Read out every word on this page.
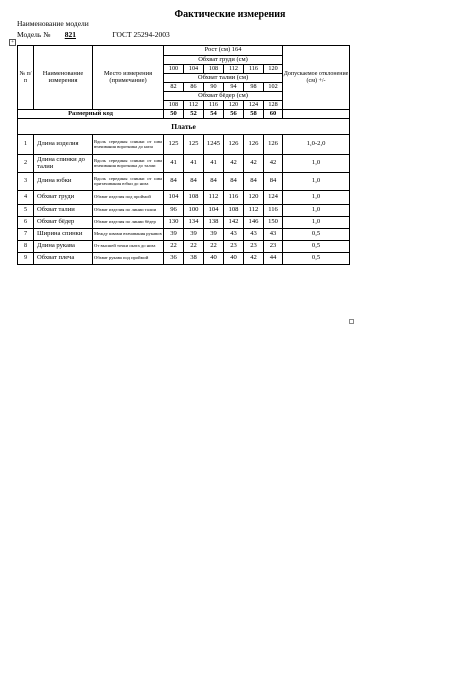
Фактические измерения
Наименование модели
Модель № 821	ГОСТ 25294-2003
+
№ п/п	Наименование измерения	Место измерения (примечание)	Рост (см) 164						Допускаемое отклонение (см) +/-
			Обхват груди (см)						
			100	104	108	112	116	120	
			Обхват талии (см)						
			82	86	90	94	98	102	
			Обхват бёдер (см)						
			108	112	116	120	124	128	
Размерный код			50	52	54	56	58	60	
Платье									
1	Длина изделия	Вдоль середины спинки от шва втачивания воротника до низа	125	125	1245	126	126	126	1,0-2,0
2	Длина спинки до талии	Вдоль середины спинки от шва втачивания воротника до талии	41	41	41	42	42	42	1,0
3	Длина юбки	Вдоль середины спинки от шва притачивания юбки до низа	84	84	84	84	84	84	1,0
4	Обхват груди	Обхват изделия под проймой	104	108	112	116	120	124	1,0
5	Обхват талии	Обхват изделия по линии талии	96	100	104	108	112	116	1,0
6	Обхват бёдер	Обхват изделия по линии бёдер	130	134	138	142	146	150	1,0
7	Ширина спинки	Между швами втачивания рукавов	39	39	39	43	43	43	0,5
8	Длина рукава	От высшей точки оката до низа	22	22	22	23	23	23	0,5
9	Обхват плеча	Обхват рукава под проймой	36	38	40	40	42	44	0,5
